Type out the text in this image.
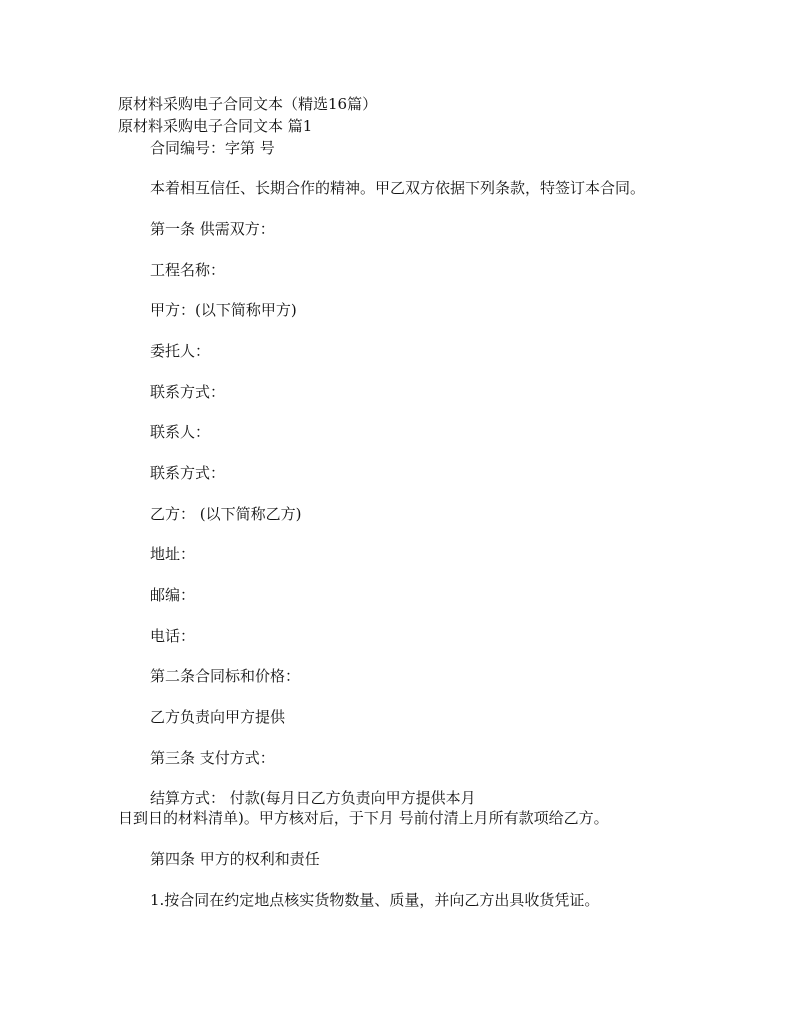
原材料采购电子合同文本（精选16篇）
原材料采购电子合同文本 篇1
合同编号：字第 号
本着相互信任、长期合作的精神。甲乙双方依据下列条款，特签订本合同。
第一条 供需双方：
工程名称：
甲方：(以下简称甲方)
委托人：
联系方式：
联系人：
联系方式：
乙方： (以下简称乙方)
地址：
邮编：
电话：
第二条合同标和价格：
乙方负责向甲方提供
第三条 支付方式：
结算方式： 付款(每月日乙方负责向甲方提供本月
日到日的材料清单)。甲方核对后，于下月 号前付清上月所有款项给乙方。
第四条 甲方的权利和责任
1.按合同在约定地点核实货物数量、质量，并向乙方出具收货凭证。
